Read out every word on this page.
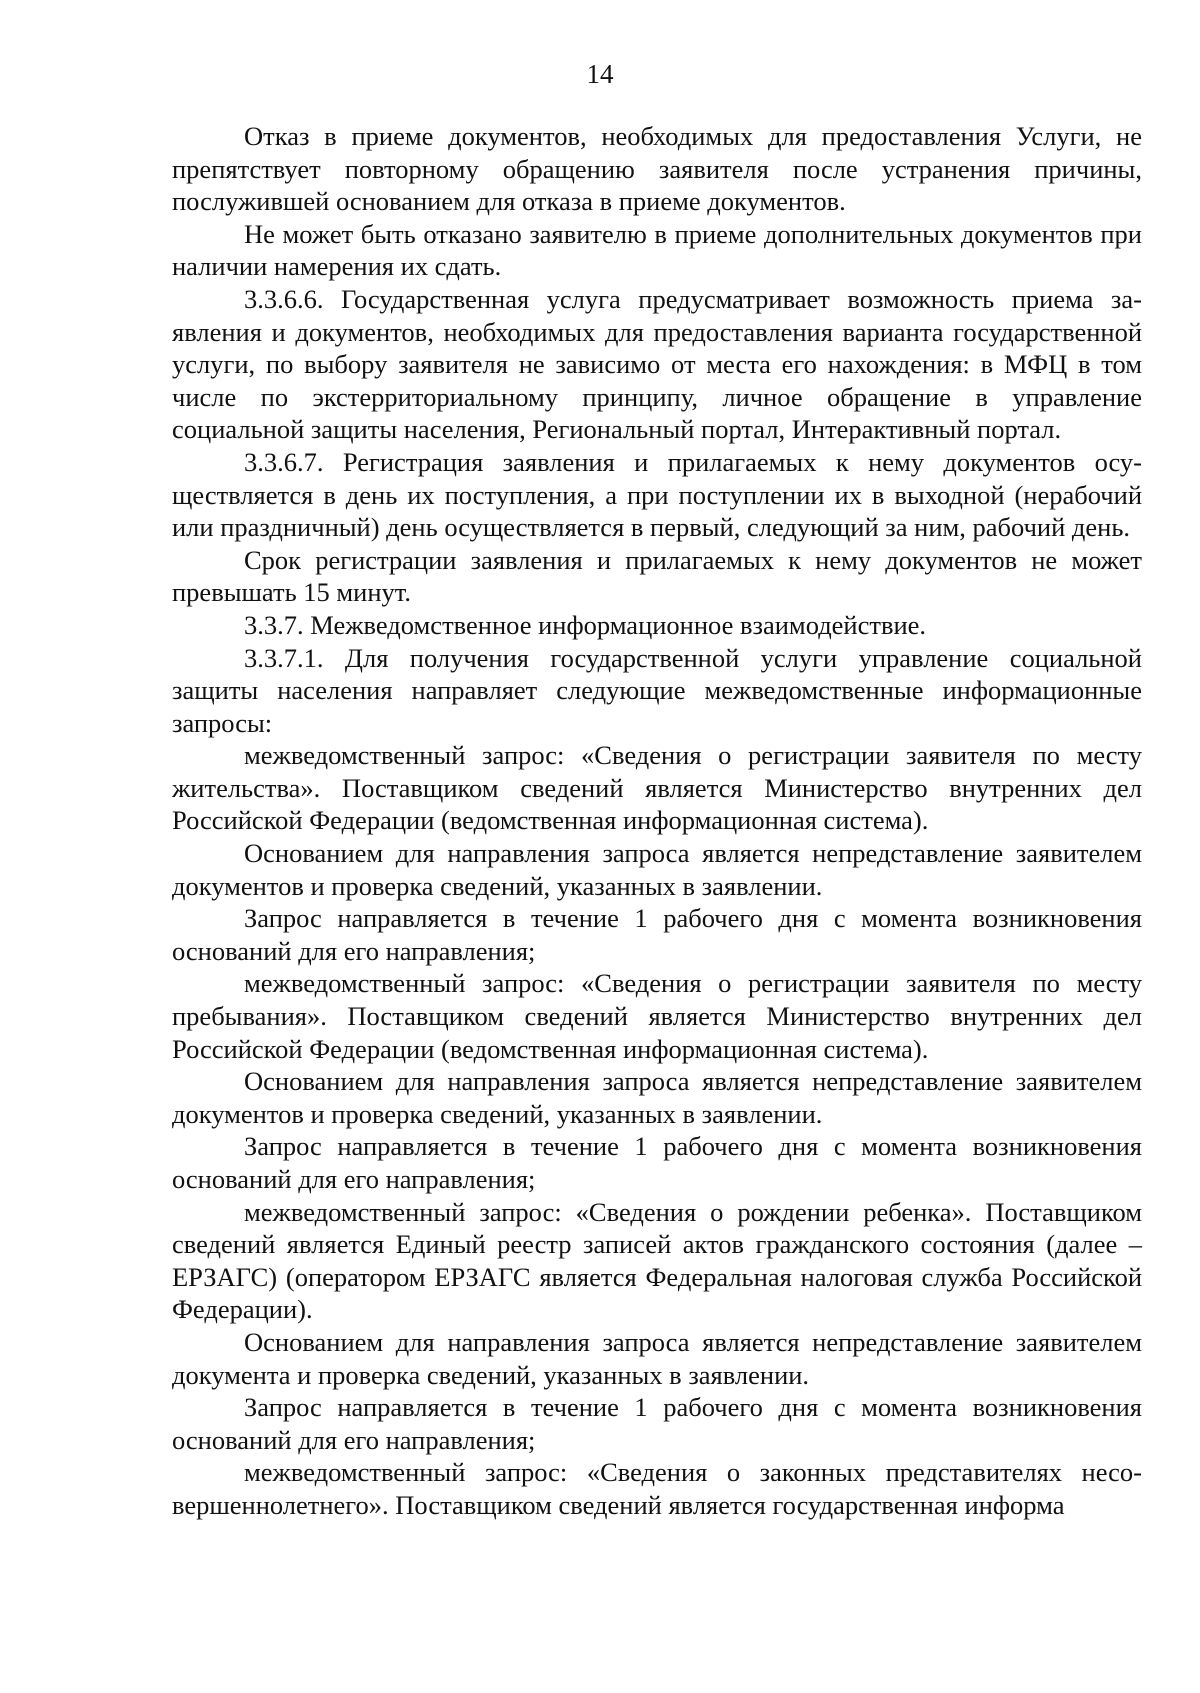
14

Отказ в приеме документов, необходимых для предоставления Услуги, не препятствует повторному обращению заявителя после устранения причины, послужившей основанием для отказа в приеме документов.

Не может быть отказано заявителю в приеме дополнительных документов при наличии намерения их сдать.

3.3.6.6. Государственная услуга предусматривает возможность приема заявления и документов, необходимых для предоставления варианта государственной услуги, по выбору заявителя не зависимо от места его нахождения: в МФЦ в том числе по экстерриториальному принципу, личное обращение в управление социальной защиты населения, Региональный портал, Интерактивный портал.

3.3.6.7. Регистрация заявления и прилагаемых к нему документов осуществляется в день их поступления, а при поступлении их в выходной (нерабочий или праздничный) день осуществляется в первый, следующий за ним, рабочий день.

Срок регистрации заявления и прилагаемых к нему документов не может превышать 15 минут.

3.3.7. Межведомственное информационное взаимодействие.

3.3.7.1. Для получения государственной услуги управление социальной защиты населения направляет следующие межведомственные информационные запросы:

межведомственный запрос: «Сведения о регистрации заявителя по месту жительства». Поставщиком сведений является Министерство внутренних дел Российской Федерации (ведомственная информационная система).

Основанием для направления запроса является непредставление заявителем документов и проверка сведений, указанных в заявлении.

Запрос направляется в течение 1 рабочего дня с момента возникновения оснований для его направления;

межведомственный запрос: «Сведения о регистрации заявителя по месту пребывания». Поставщиком сведений является Министерство внутренних дел Российской Федерации (ведомственная информационная система).

Основанием для направления запроса является непредставление заявителем документов и проверка сведений, указанных в заявлении.

Запрос направляется в течение 1 рабочего дня с момента возникновения оснований для его направления;

межведомственный запрос: «Сведения о рождении ребенка». Поставщиком сведений является Единый реестр записей актов гражданского состояния (далее – ЕРЗАГС) (оператором ЕРЗАГС является Федеральная налоговая служба Российской Федерации).

Основанием для направления запроса является непредставление заявителем документа и проверка сведений, указанных в заявлении.

Запрос направляется в течение 1 рабочего дня с момента возникновения оснований для его направления;

межведомственный запрос: «Сведения о законных представителях несовершеннолетнего». Поставщиком сведений является государственная информа
